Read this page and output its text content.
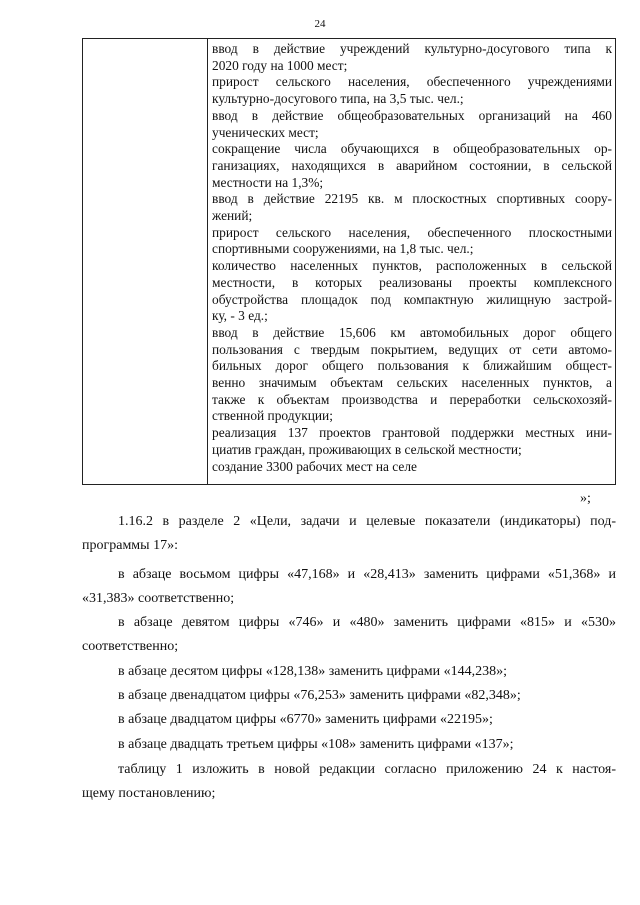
24
ввод в действие учреждений культурно-досугового типа к
2020 году на 1000 мест;
прирост сельского населения, обеспеченного учреждениями
культурно-досугового типа, на 3,5 тыс. чел.;
ввод в действие общеобразовательных организаций на 460
ученических мест;
сокращение числа обучающихся в общеобразовательных ор-
ганизациях, находящихся в аварийном состоянии, в сельской
местности на 1,3%;
ввод в действие 22195 кв. м плоскостных спортивных соору-
жений;
прирост сельского населения, обеспеченного плоскостными
спортивными сооружениями, на 1,8 тыс. чел.;
количество населенных пунктов, расположенных в сельской
местности, в которых реализованы проекты комплексного
обустройства площадок под компактную жилищную застрой-
ку, - 3 ед.;
ввод в действие 15,606 км автомобильных дорог общего
пользования с твердым покрытием, ведущих от сети автомо-
бильных дорог общего пользования к ближайшим общест-
венно значимым объектам сельских населенных пунктов, а
также к объектам производства и переработки сельскохозяй-
ственной продукции;
реализация 137 проектов грантовой поддержки местных ини-
циатив граждан, проживающих в сельской местности;
создание 3300 рабочих мест на селе
»;
1.16.2 в разделе 2 «Цели, задачи и целевые показатели (индикаторы) под-
программы 17»:
в абзаце восьмом цифры «47,168» и «28,413» заменить цифрами «51,368» и
«31,383» соответственно;
в абзаце девятом цифры «746» и «480» заменить цифрами «815» и «530»
соответственно;
в абзаце десятом цифры «128,138» заменить цифрами «144,238»;
в абзаце двенадцатом цифры «76,253» заменить цифрами «82,348»;
в абзаце двадцатом цифры «6770» заменить цифрами «22195»;
в абзаце двадцать третьем цифры «108» заменить цифрами «137»;
таблицу 1 изложить в новой редакции согласно приложению 24 к настоя-
щему постановлению;
